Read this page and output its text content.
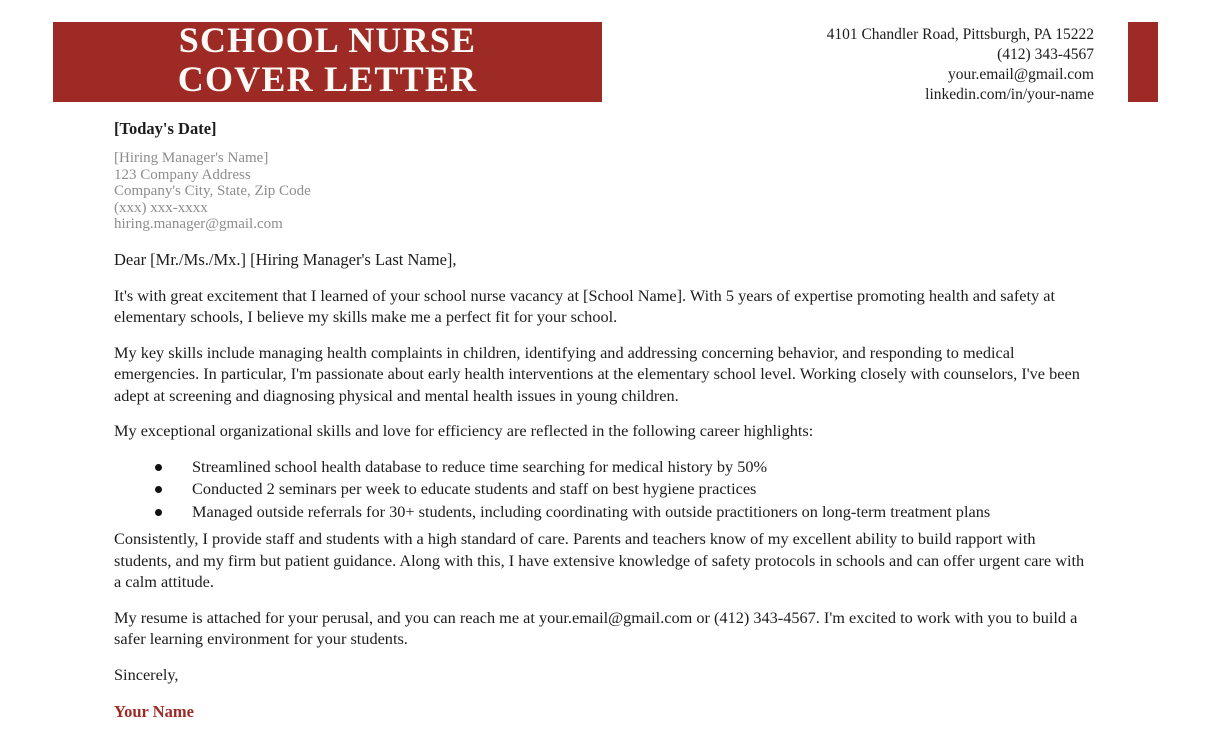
SCHOOL NURSE
COVER LETTER
4101 Chandler Road, Pittsburgh, PA 15222
(412) 343-4567
your.email@gmail.com
linkedin.com/in/your-name
[Today's Date]
[Hiring Manager's Name]
123 Company Address
Company's City, State, Zip Code
(xxx) xxx-xxxx
hiring.manager@gmail.com
Dear [Mr./Ms./Mx.] [Hiring Manager's Last Name],

It's with great excitement that I learned of your school nurse vacancy at [School Name]. With 5 years of expertise promoting health and safety at elementary schools, I believe my skills make me a perfect fit for your school.

My key skills include managing health complaints in children, identifying and addressing concerning behavior, and responding to medical emergencies. In particular, I'm passionate about early health interventions at the elementary school level. Working closely with counselors, I've been adept at screening and diagnosing physical and mental health issues in young children.

My exceptional organizational skills and love for efficiency are reflected in the following career highlights:

Streamlined school health database to reduce time searching for medical history by 50%
Conducted 2 seminars per week to educate students and staff on best hygiene practices
Managed outside referrals for 30+ students, including coordinating with outside practitioners on long-term treatment plans

Consistently, I provide staff and students with a high standard of care. Parents and teachers know of my excellent ability to build rapport with students, and my firm but patient guidance. Along with this, I have extensive knowledge of safety protocols in schools and can offer urgent care with a calm attitude.

My resume is attached for your perusal, and you can reach me at your.email@gmail.com or (412) 343-4567. I'm excited to work with you to build a safer learning environment for your students.

Sincerely,
Your Name
